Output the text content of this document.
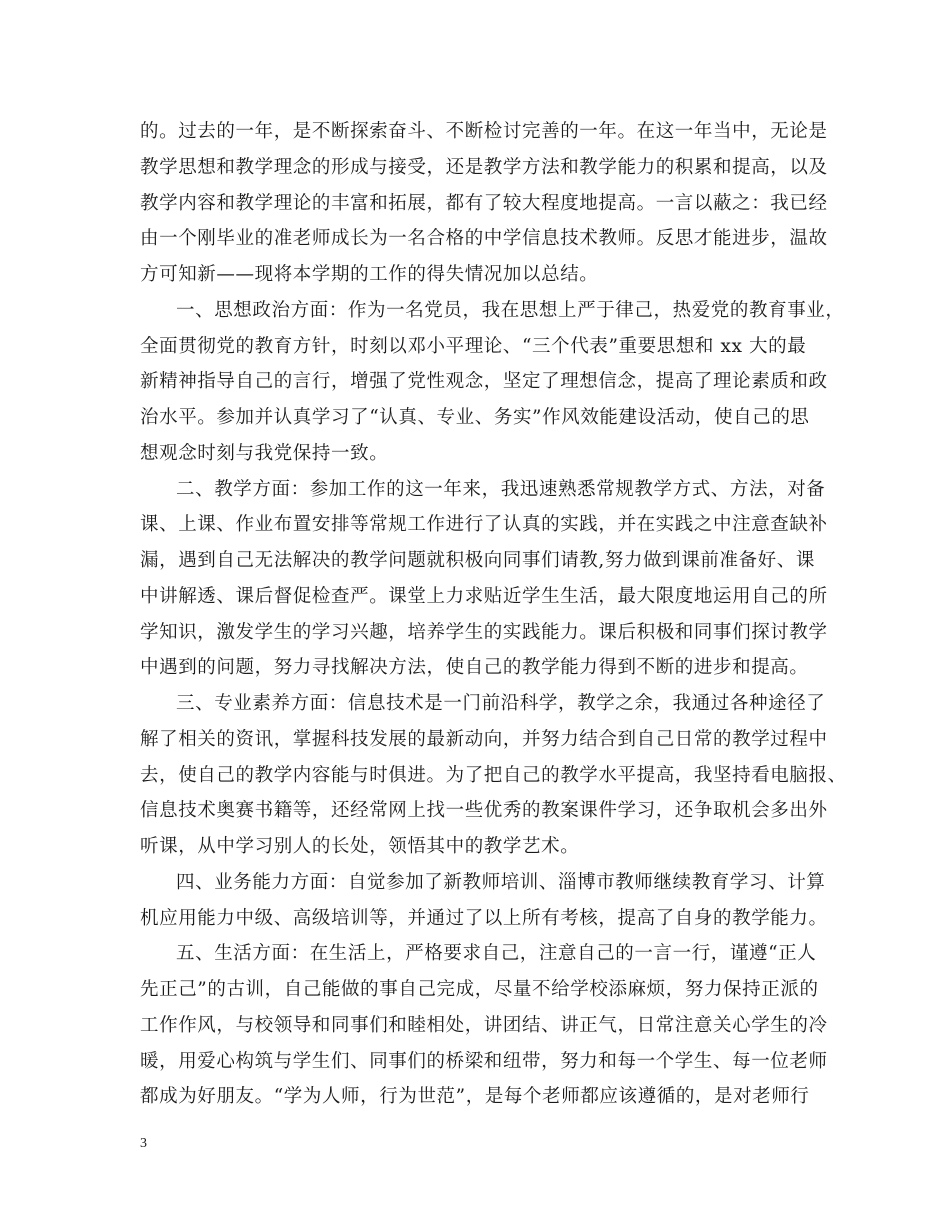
的。过去的一年，是不断探索奋斗、不断检讨完善的一年。在这一年当中，无论是
教学思想和教学理念的形成与接受，还是教学方法和教学能力的积累和提高，以及
教学内容和教学理论的丰富和拓展，都有了较大程度地提高。一言以蔽之：我已经
由一个刚毕业的准老师成长为一名合格的中学信息技术教师。反思才能进步，温故
方可知新——现将本学期的工作的得失情况加以总结。
一、思想政治方面：作为一名党员，我在思想上严于律己，热爱党的教育事业，
全面贯彻党的教育方针，时刻以邓小平理论、“三个代表”重要思想和 xx 大的最
新精神指导自己的言行，增强了党性观念，坚定了理想信念，提高了理论素质和政
治水平。参加并认真学习了“认真、专业、务实”作风效能建设活动，使自己的思
想观念时刻与我党保持一致。
二、教学方面：参加工作的这一年来，我迅速熟悉常规教学方式、方法，对备
课、上课、作业布置安排等常规工作进行了认真的实践，并在实践之中注意查缺补
漏，遇到自己无法解决的教学问题就积极向同事们请教,努力做到课前准备好、课
中讲解透、课后督促检查严。课堂上力求贴近学生生活，最大限度地运用自己的所
学知识，激发学生的学习兴趣，培养学生的实践能力。课后积极和同事们探讨教学
中遇到的问题，努力寻找解决方法，使自己的教学能力得到不断的进步和提高。
三、专业素养方面：信息技术是一门前沿科学，教学之余，我通过各种途径了
解了相关的资讯，掌握科技发展的最新动向，并努力结合到自己日常的教学过程中
去，使自己的教学内容能与时俱进。为了把自己的教学水平提高，我坚持看电脑报、
信息技术奥赛书籍等，还经常网上找一些优秀的教案课件学习，还争取机会多出外
听课，从中学习别人的长处，领悟其中的教学艺术。
四、业务能力方面：自觉参加了新教师培训、淄博市教师继续教育学习、计算
机应用能力中级、高级培训等，并通过了以上所有考核，提高了自身的教学能力。
五、生活方面：在生活上，严格要求自己，注意自己的一言一行，谨遵“正人
先正己”的古训，自己能做的事自己完成，尽量不给学校添麻烦，努力保持正派的
工作作风，与校领导和同事们和睦相处，讲团结、讲正气，日常注意关心学生的冷
暖，用爱心构筑与学生们、同事们的桥梁和纽带，努力和每一个学生、每一位老师
都成为好朋友。“学为人师，行为世范”，是每个老师都应该遵循的，是对老师行
3
